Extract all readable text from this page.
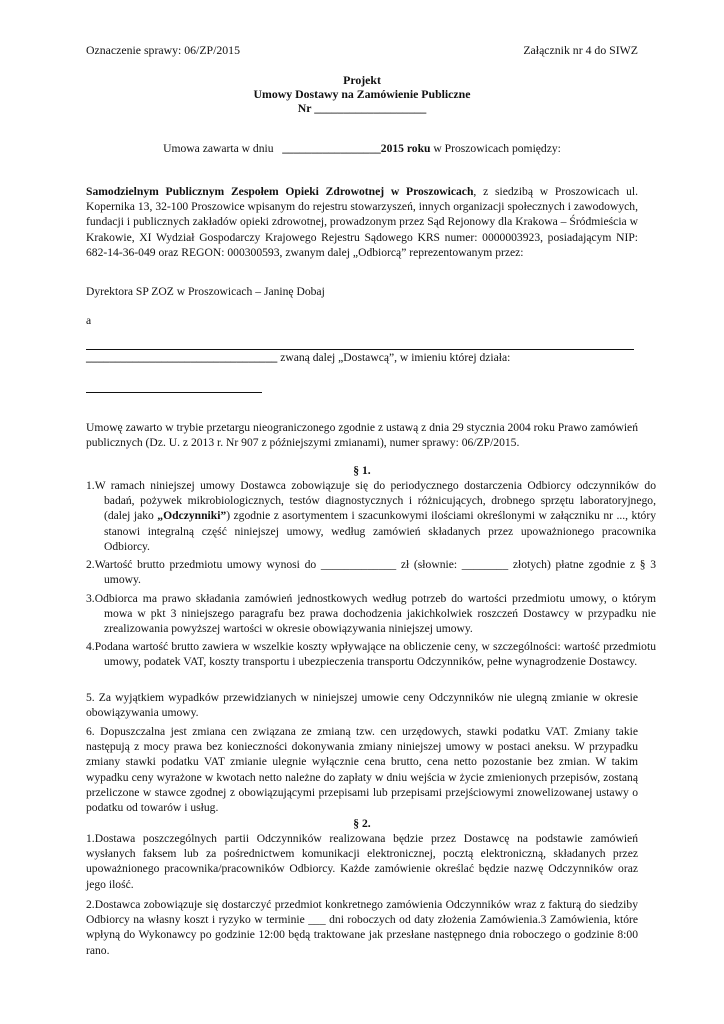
Oznaczenie sprawy: 06/ZP/2015	Załącznik nr 4 do SIWZ
Projekt
Umowy Dostawy na Zamówienie Publiczne
Nr ___________________
Umowa zawarta w dniu _________________2015 roku w Proszowicach pomiędzy:
Samodzielnym Publicznym Zespołem Opieki Zdrowotnej w Proszowicach, z siedzibą w Proszowicach ul. Kopernika 13, 32-100 Proszowice wpisanym do rejestru stowarzyszeń, innych organizacji społecznych i zawodowych, fundacji i publicznych zakładów opieki zdrowotnej, prowadzonym przez Sąd Rejonowy dla Krakowa – Śródmieścia w Krakowie, XI Wydział Gospodarczy Krajowego Rejestru Sądowego KRS numer: 0000003923, posiadającym NIP: 682-14-36-049 oraz REGON: 000300593, zwanym dalej „Odbiorcą” reprezentowanym przez:
Dyrektora SP ZOZ w Proszowicach – Janinę Dobaj
a
_________________________________ zwaną dalej „Dostawcą”, w imieniu której działa:
Umowę zawarto w trybie przetargu nieograniczonego zgodnie z ustawą z dnia 29 stycznia 2004 roku Prawo zamówień publicznych (Dz. U. z 2013 r. Nr 907 z późniejszymi zmianami), numer sprawy: 06/ZP/2015.
§ 1.
1.W ramach niniejszej umowy Dostawca zobowiązuje się do periodycznego dostarczenia Odbiorcy odczynników do badań, pożywek mikrobiologicznych, testów diagnostycznych i różnicujących, drobnego sprzętu laboratoryjnego, (dalej jako „Odczynniki”) zgodnie z asortymentem i szacunkowymi ilościami określonymi w załączniku nr ..., który stanowi integralną część niniejszej umowy, według zamówień składanych przez upoważnionego pracownika Odbiorcy.
2.Wartość brutto przedmiotu umowy wynosi do _____________ zł (słownie: ________ złotych) płatne zgodnie z § 3 umowy.
3.Odbiorca ma prawo składania zamówień jednostkowych według potrzeb do wartości przedmiotu umowy, o którym mowa w pkt 3 niniejszego paragrafu bez prawa dochodzenia jakichkolwiek roszczeń Dostawcy w przypadku nie zrealizowania powyższej wartości w okresie obowiązywania niniejszej umowy.
4.Podana wartość brutto zawiera w wszelkie koszty wpływające na obliczenie ceny, w szczególności: wartość przedmiotu umowy, podatek VAT, koszty transportu i ubezpieczenia transportu Odczynników, pełne wynagrodzenie Dostawcy.
5. Za wyjątkiem wypadków przewidzianych w niniejszej umowie ceny Odczynników nie ulegną zmianie w okresie obowiązywania umowy.
6. Dopuszczalna jest zmiana cen związana ze zmianą tzw. cen urzędowych, stawki podatku VAT. Zmiany takie następują z mocy prawa bez konieczności dokonywania zmiany niniejszej umowy w postaci aneksu. W przypadku zmiany stawki podatku VAT zmianie ulegnie wyłącznie cena brutto, cena netto pozostanie bez zmian. W takim wypadku ceny wyrażone w kwotach netto należne do zapłaty w dniu wejścia w życie zmienionych przepisów, zostaną przeliczone w stawce zgodnej z obowiązującymi przepisami lub przepisami przejściowymi znowelizowanej ustawy o podatku od towarów i usług.
§ 2.
1.Dostawa poszczególnych partii Odczynników realizowana będzie przez Dostawcę na podstawie zamówień wysłanych faksem lub za pośrednictwem komunikacji elektronicznej, pocztą elektroniczną, składanych przez upoważnionego pracownika/pracowników Odbiorcy. Każde zamówienie określać będzie nazwę Odczynników oraz jego ilość.
2.Dostawca zobowiązuje się dostarczyć przedmiot konkretnego zamówienia Odczynników wraz z fakturą do siedziby Odbiorcy na własny koszt i ryzyko w terminie ___ dni roboczych od daty złożenia Zamówienia.3 Zamówienia, które wpłyną do Wykonawcy po godzinie 12:00 będą traktowane jak przesłane następnego dnia roboczego o godzinie 8:00 rano.
